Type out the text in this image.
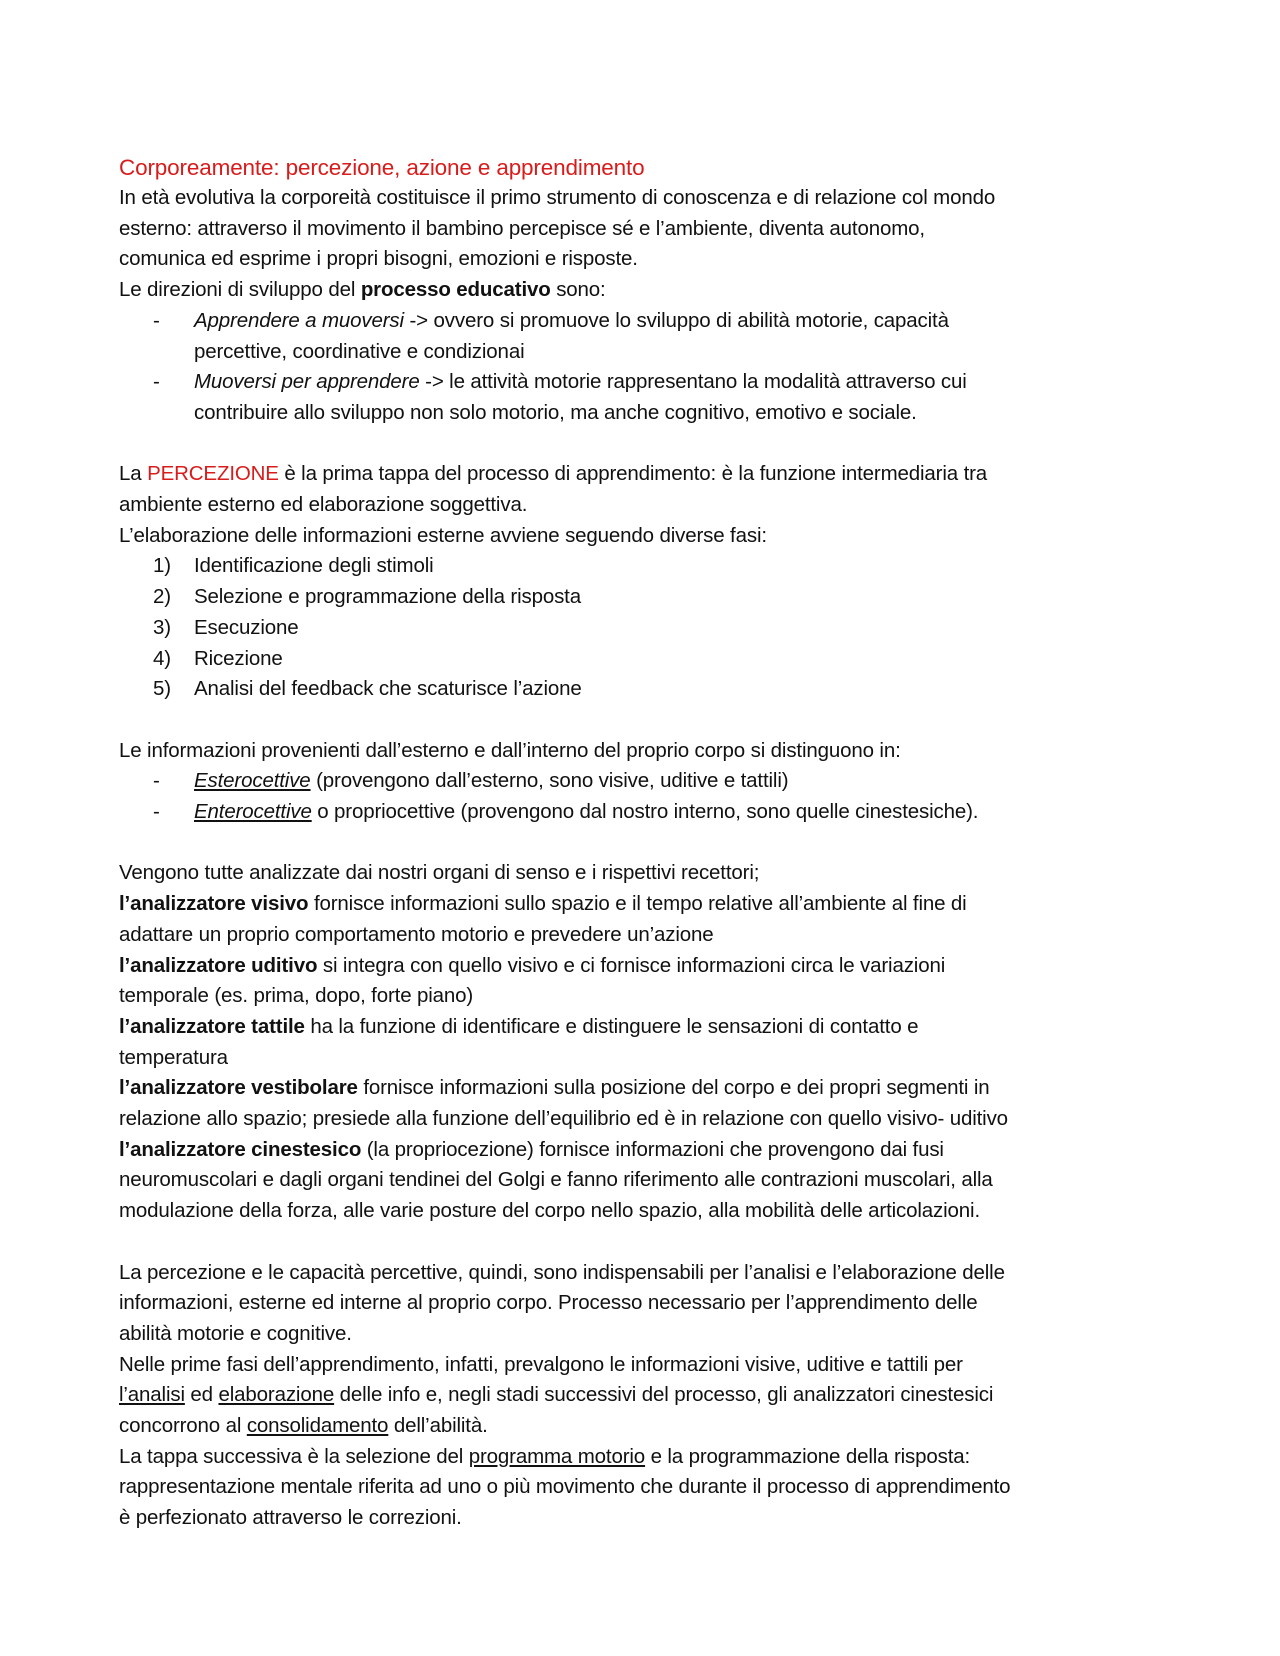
Corporeamente: percezione, azione e apprendimento
In età evolutiva la corporeità costituisce il primo strumento di conoscenza e di relazione col mondo
esterno: attraverso il movimento il bambino percepisce sé e l’ambiente, diventa autonomo,
comunica ed esprime i propri bisogni, emozioni e risposte.
Le direzioni di sviluppo del processo educativo sono:
- Apprendere a muoversi -> ovvero si promuove lo sviluppo di abilità motorie, capacità
percettive, coordinative e condizionai
- Muoversi per apprendere -> le attività motorie rappresentano la modalità attraverso cui
contribuire allo sviluppo non solo motorio, ma anche cognitivo, emotivo e sociale.
La PERCEZIONE è la prima tappa del processo di apprendimento: è la funzione intermediaria tra
ambiente esterno ed elaborazione soggettiva.
L’elaborazione delle informazioni esterne avviene seguendo diverse fasi:
1) Identificazione degli stimoli
2) Selezione e programmazione della risposta
3) Esecuzione
4) Ricezione
5) Analisi del feedback che scaturisce l’azione
Le informazioni provenienti dall’esterno e dall’interno del proprio corpo si distinguono in:
- Esterocettive (provengono dall’esterno, sono visive, uditive e tattili)
- Enterocettive o propriocettive (provengono dal nostro interno, sono quelle cinestesiche).
Vengono tutte analizzate dai nostri organi di senso e i rispettivi recettori;
l’analizzatore visivo fornisce informazioni sullo spazio e il tempo relative all’ambiente al fine di
adattare un proprio comportamento motorio e prevedere un’azione
l’analizzatore uditivo si integra con quello visivo e ci fornisce informazioni circa le variazioni
temporale (es. prima, dopo, forte piano)
l’analizzatore tattile ha la funzione di identificare e distinguere le sensazioni di contatto e
temperatura
l’analizzatore vestibolare fornisce informazioni sulla posizione del corpo e dei propri segmenti in
relazione allo spazio; presiede alla funzione dell’equilibrio ed è in relazione con quello visivo- uditivo
l’analizzatore cinestesico (la propriocezione) fornisce informazioni che provengono dai fusi
neuromuscolari e dagli organi tendinei del Golgi e fanno riferimento alle contrazioni muscolari, alla
modulazione della forza, alle varie posture del corpo nello spazio, alla mobilità delle articolazioni.
La percezione e le capacità percettive, quindi, sono indispensabili per l’analisi e l’elaborazione delle
informazioni, esterne ed interne al proprio corpo. Processo necessario per l’apprendimento delle
abilità motorie e cognitive.
Nelle prime fasi dell’apprendimento, infatti, prevalgono le informazioni visive, uditive e tattili per
l’analisi ed elaborazione delle info e, negli stadi successivi del processo, gli analizzatori cinestesici
concorrono al consolidamento dell’abilità.
La tappa successiva è la selezione del programma motorio e la programmazione della risposta:
rappresentazione mentale riferita ad uno o più movimento che durante il processo di apprendimento
è perfezionato attraverso le correzioni.
